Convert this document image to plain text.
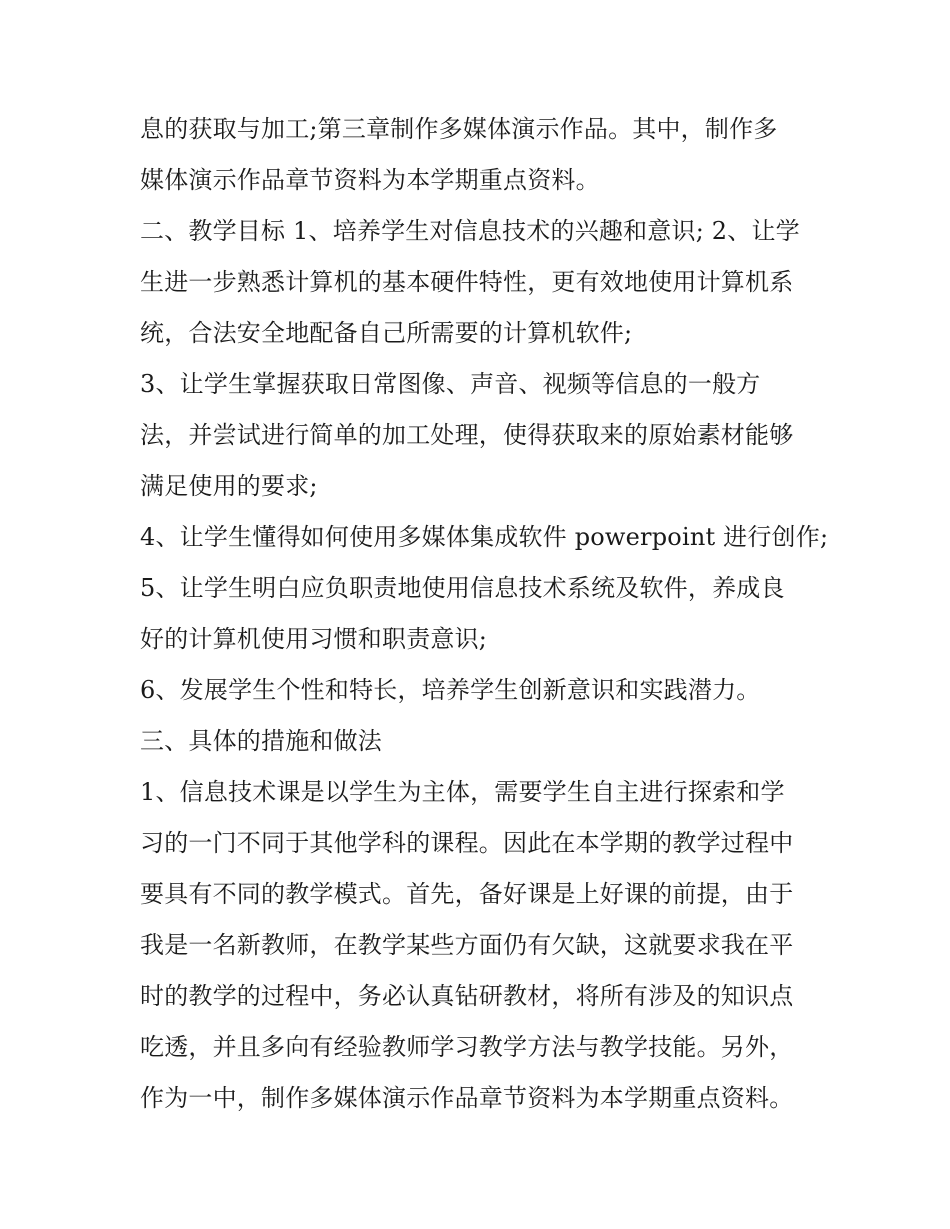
息的获取与加工;第三章制作多媒体演示作品。其中，制作多
媒体演示作品章节资料为本学期重点资料。
二、教学目标 1、培养学生对信息技术的兴趣和意识; 2、让学
生进一步熟悉计算机的基本硬件特性，更有效地使用计算机系
统，合法安全地配备自己所需要的计算机软件;
3、让学生掌握获取日常图像、声音、视频等信息的一般方
法，并尝试进行简单的加工处理，使得获取来的原始素材能够
满足使用的要求;
4、让学生懂得如何使用多媒体集成软件 powerpoint 进行创作;
5、让学生明白应负职责地使用信息技术系统及软件，养成良
好的计算机使用习惯和职责意识;
6、发展学生个性和特长，培养学生创新意识和实践潜力。
三、具体的措施和做法
1、信息技术课是以学生为主体，需要学生自主进行探索和学
习的一门不同于其他学科的课程。因此在本学期的教学过程中
要具有不同的教学模式。首先，备好课是上好课的前提，由于
我是一名新教师，在教学某些方面仍有欠缺，这就要求我在平
时的教学的过程中，务必认真钻研教材，将所有涉及的知识点
吃透，并且多向有经验教师学习教学方法与教学技能。另外，
作为一中，制作多媒体演示作品章节资料为本学期重点资料。
